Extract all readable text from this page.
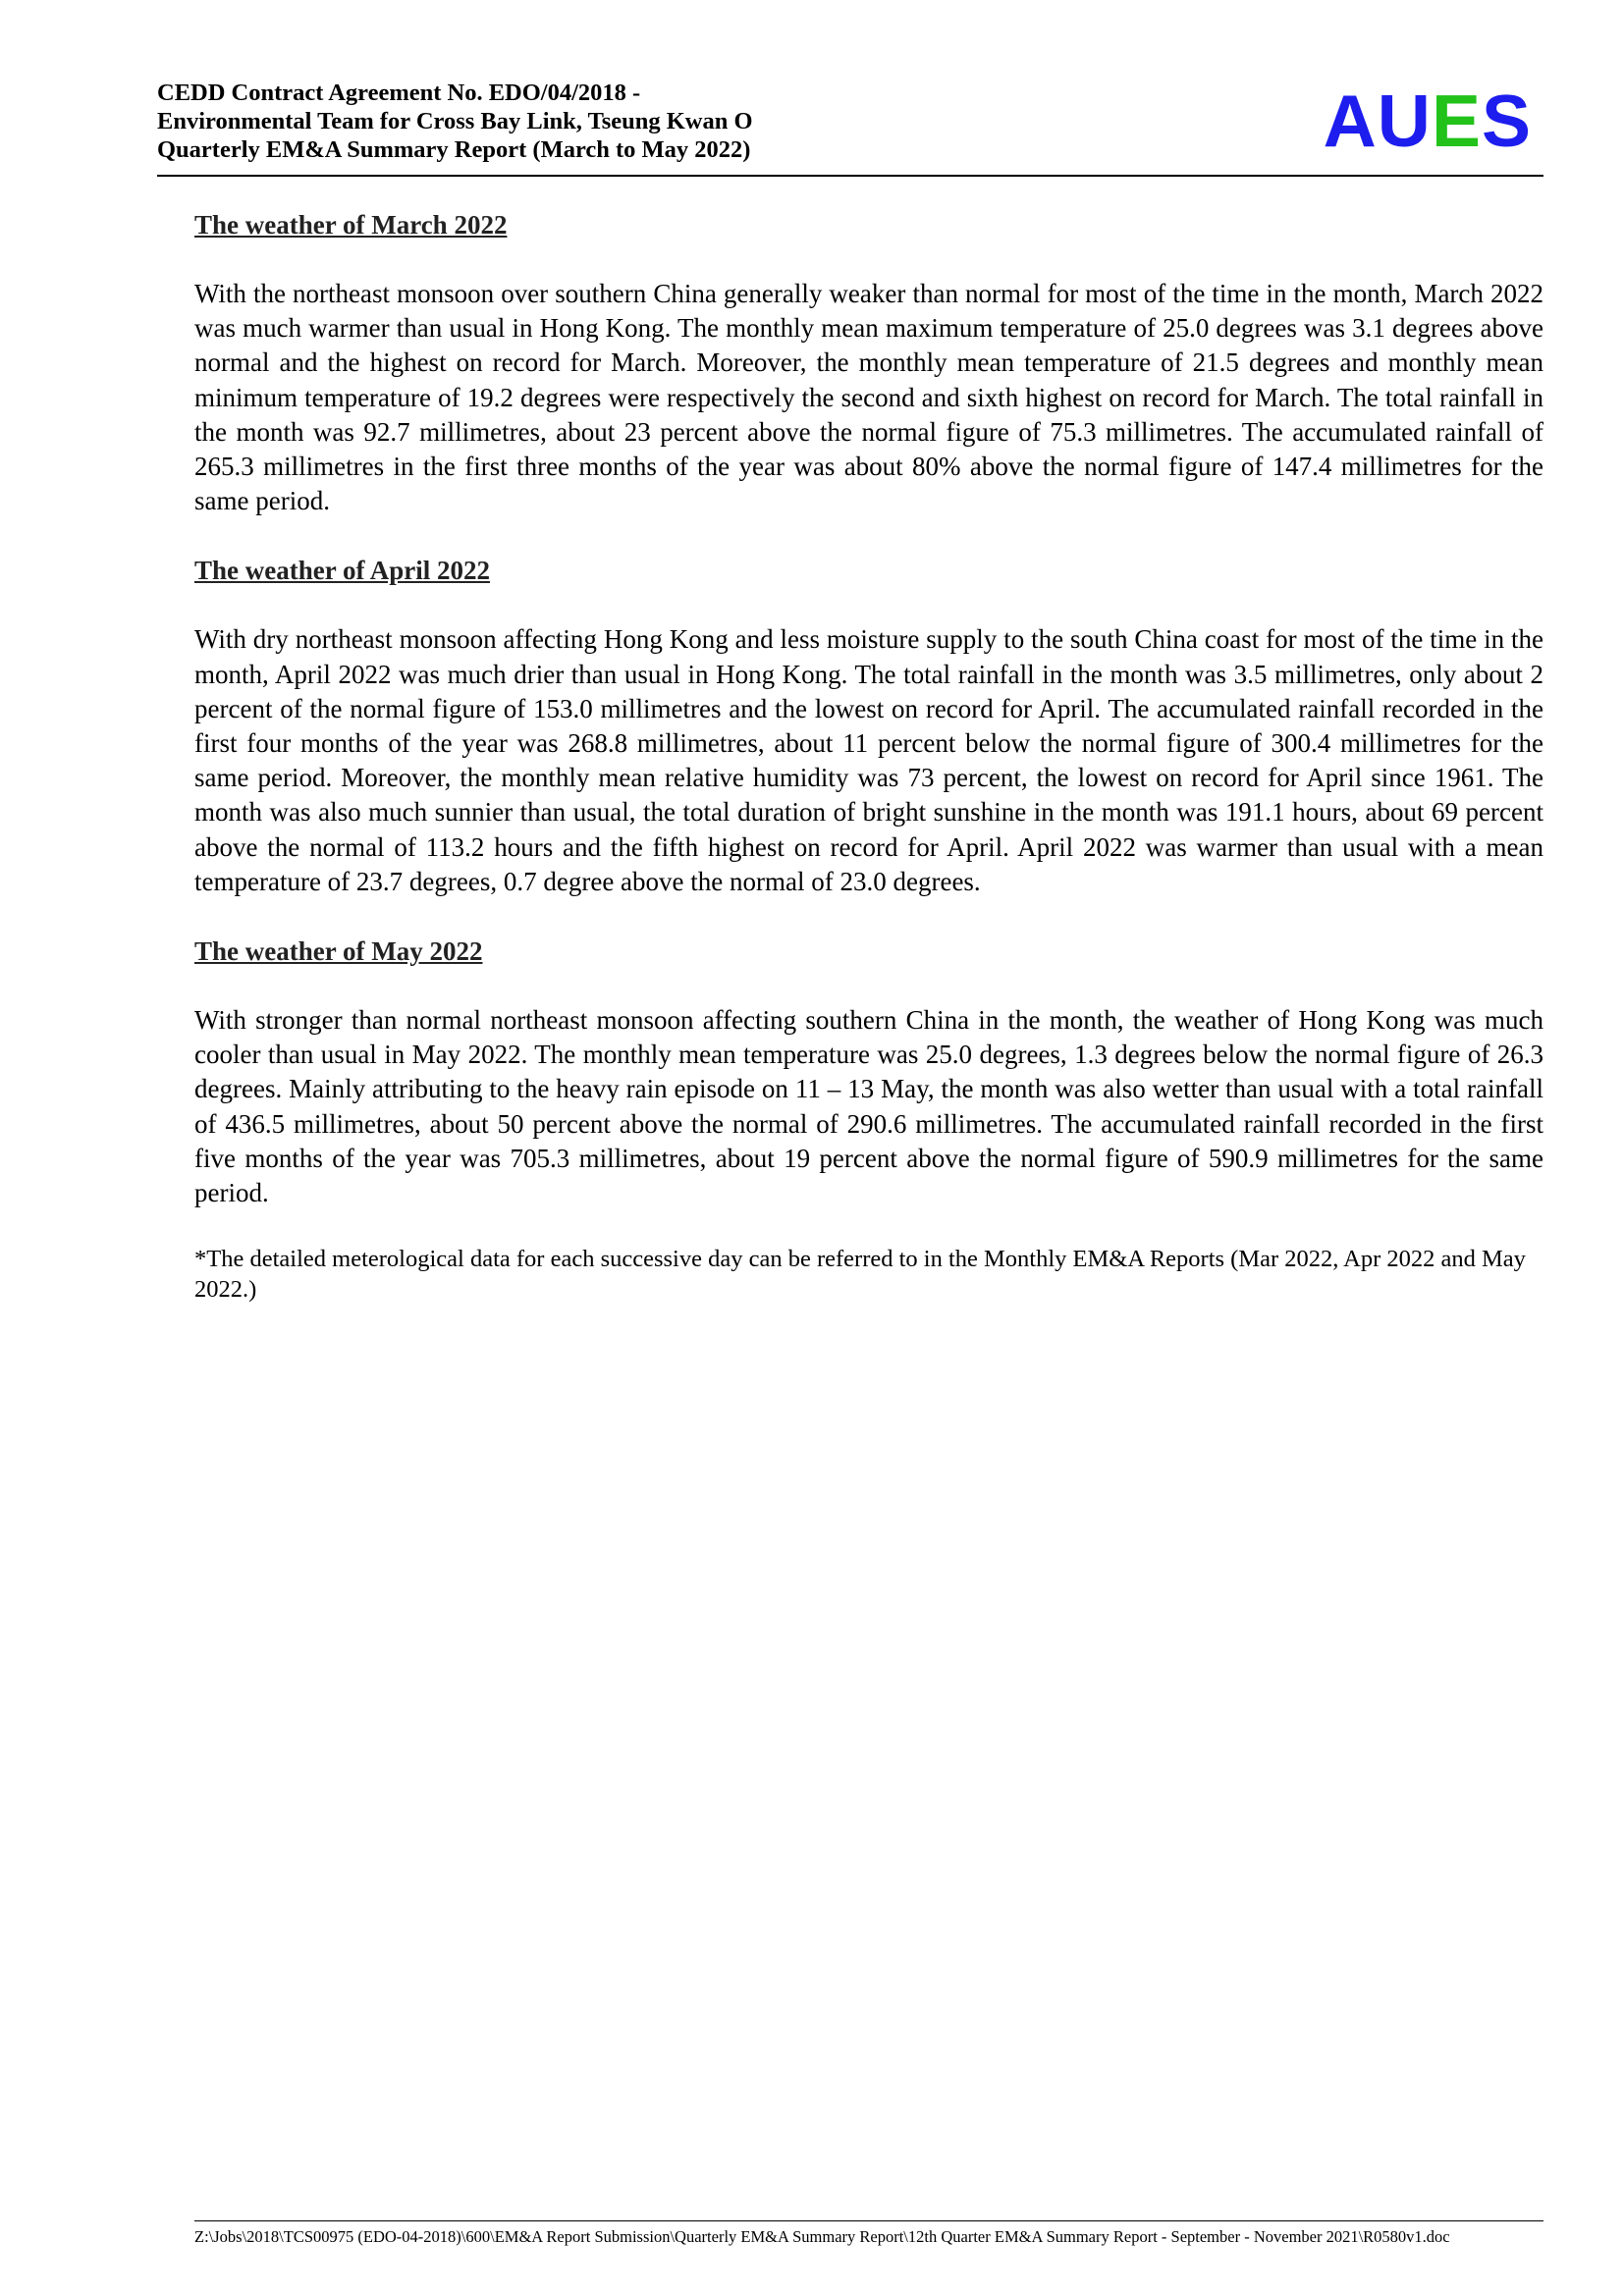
CEDD Contract Agreement No. EDO/04/2018 -
Environmental Team for Cross Bay Link, Tseung Kwan O
Quarterly EM&A Summary Report (March to May 2022)	AUES
The weather of March 2022

With the northeast monsoon over southern China generally weaker than normal for most of the time in the month, March 2022 was much warmer than usual in Hong Kong. The monthly mean maximum temperature of 25.0 degrees was 3.1 degrees above normal and the highest on record for March. Moreover, the monthly mean temperature of 21.5 degrees and monthly mean minimum temperature of 19.2 degrees were respectively the second and sixth highest on record for March. The total rainfall in the month was 92.7 millimetres, about 23 percent above the normal figure of 75.3 millimetres. The accumulated rainfall of 265.3 millimetres in the first three months of the year was about 80% above the normal figure of 147.4 millimetres for the same period.

The weather of April 2022

With dry northeast monsoon affecting Hong Kong and less moisture supply to the south China coast for most of the time in the month, April 2022 was much drier than usual in Hong Kong. The total rainfall in the month was 3.5 millimetres, only about 2 percent of the normal figure of 153.0 millimetres and the lowest on record for April. The accumulated rainfall recorded in the first four months of the year was 268.8 millimetres, about 11 percent below the normal figure of 300.4 millimetres for the same period. Moreover, the monthly mean relative humidity was 73 percent, the lowest on record for April since 1961. The month was also much sunnier than usual, the total duration of bright sunshine in the month was 191.1 hours, about 69 percent above the normal of 113.2 hours and the fifth highest on record for April. April 2022 was warmer than usual with a mean temperature of 23.7 degrees, 0.7 degree above the normal of 23.0 degrees.

The weather of May 2022

With stronger than normal northeast monsoon affecting southern China in the month, the weather of Hong Kong was much cooler than usual in May 2022. The monthly mean temperature was 25.0 degrees, 1.3 degrees below the normal figure of 26.3 degrees. Mainly attributing to the heavy rain episode on 11 – 13 May, the month was also wetter than usual with a total rainfall of 436.5 millimetres, about 50 percent above the normal of 290.6 millimetres. The accumulated rainfall recorded in the first five months of the year was 705.3 millimetres, about 19 percent above the normal figure of 590.9 millimetres for the same period.

*The detailed meterological data for each successive day can be referred to in the Monthly EM&A Reports (Mar 2022, Apr 2022 and May 2022.)
Z:\Jobs\2018\TCS00975 (EDO-04-2018)\600\EM&A Report Submission\Quarterly EM&A Summary Report\12th Quarter EM&A Summary Report - September - November 2021\R0580v1.doc
